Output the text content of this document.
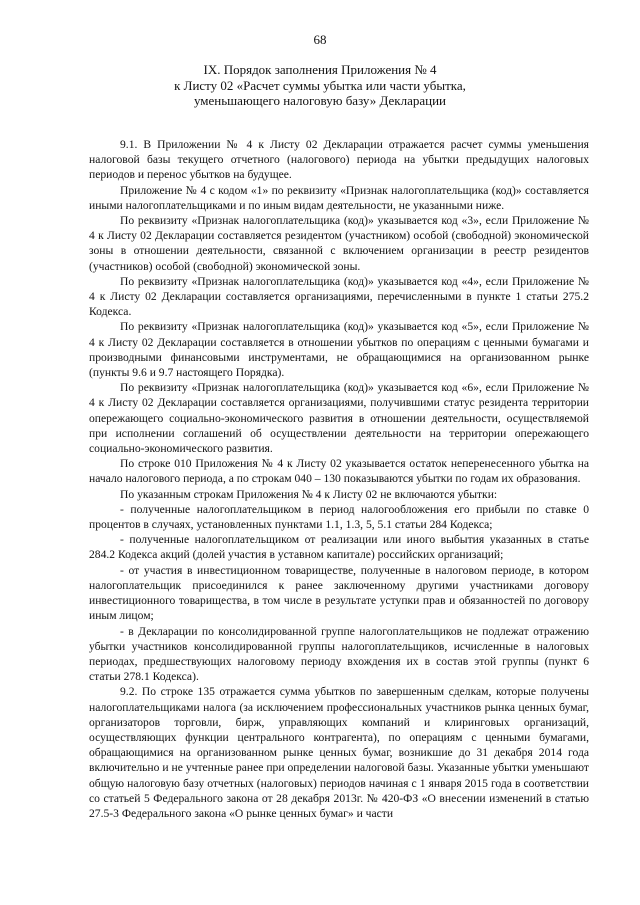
68
IX. Порядок заполнения Приложения № 4
к Листу 02 «Расчет суммы убытка или части убытка,
уменьшающего налоговую базу» Декларации

9.1. В Приложении № 4 к Листу 02 Декларации отражается расчет суммы уменьшения налоговой базы текущего отчетного (налогового) периода на убытки предыдущих налоговых периодов и перенос убытков на будущее.

Приложение № 4 с кодом «1» по реквизиту «Признак налогоплательщика (код)» составляется иными налогоплательщиками и по иным видам деятельности, не указанными ниже.

По реквизиту «Признак налогоплательщика (код)» указывается код «3», если Приложение № 4 к Листу 02 Декларации составляется резидентом (участником) особой (свободной) экономической зоны в отношении деятельности, связанной с включением организации в реестр резидентов (участников) особой (свободной) экономической зоны.

По реквизиту «Признак налогоплательщика (код)» указывается код «4», если Приложение № 4 к Листу 02 Декларации составляется организациями, перечисленными в пункте 1 статьи 275.2 Кодекса.

По реквизиту «Признак налогоплательщика (код)» указывается код «5», если Приложение № 4 к Листу 02 Декларации составляется в отношении убытков по операциям с ценными бумагами и производными финансовыми инструментами, не обращающимися на организованном рынке (пункты 9.6 и 9.7 настоящего Порядка).

По реквизиту «Признак налогоплательщика (код)» указывается код «6», если Приложение № 4 к Листу 02 Декларации составляется организациями, получившими статус резидента территории опережающего социально-экономического развития в отношении деятельности, осуществляемой при исполнении соглашений об осуществлении деятельности на территории опережающего социально-экономического развития.

По строке 010 Приложения № 4 к Листу 02 указывается остаток неперенесенного убытка на начало налогового периода, а по строкам 040 – 130 показываются убытки по годам их образования.

По указанным строкам Приложения № 4 к Листу 02 не включаются убытки:

- полученные налогоплательщиком в период налогообложения его прибыли по ставке 0 процентов в случаях, установленных пунктами 1.1, 1.3, 5, 5.1 статьи 284 Кодекса;

- полученные налогоплательщиком от реализации или иного выбытия указанных в статье 284.2 Кодекса акций (долей участия в уставном капитале) российских организаций;

- от участия в инвестиционном товариществе, полученные в налоговом периоде, в котором налогоплательщик присоединился к ранее заключенному другими участниками договору инвестиционного товарищества, в том числе в результате уступки прав и обязанностей по договору иным лицом;

- в Декларации по консолидированной группе налогоплательщиков не подлежат отражению убытки участников консолидированной группы налогоплательщиков, исчисленные в налоговых периодах, предшествующих налоговому периоду вхождения их в состав этой группы (пункт 6 статьи 278.1 Кодекса).

9.2. По строке 135 отражается сумма убытков по завершенным сделкам, которые получены налогоплательщиками налога (за исключением профессиональных участников рынка ценных бумаг, организаторов торговли, бирж, управляющих компаний и клиринговых организаций, осуществляющих функции центрального контрагента), по операциям с ценными бумагами, обращающимися на организованном рынке ценных бумаг, возникшие до 31 декабря 2014 года включительно и не учтенные ранее при определении налоговой базы. Указанные убытки уменьшают общую налоговую базу отчетных (налоговых) периодов начиная с 1 января 2015 года в соответствии со статьей 5 Федерального закона от 28 декабря 2013г. № 420-ФЗ «О внесении изменений в статью 27.5-3 Федерального закона «О рынке ценных бумаг» и части
